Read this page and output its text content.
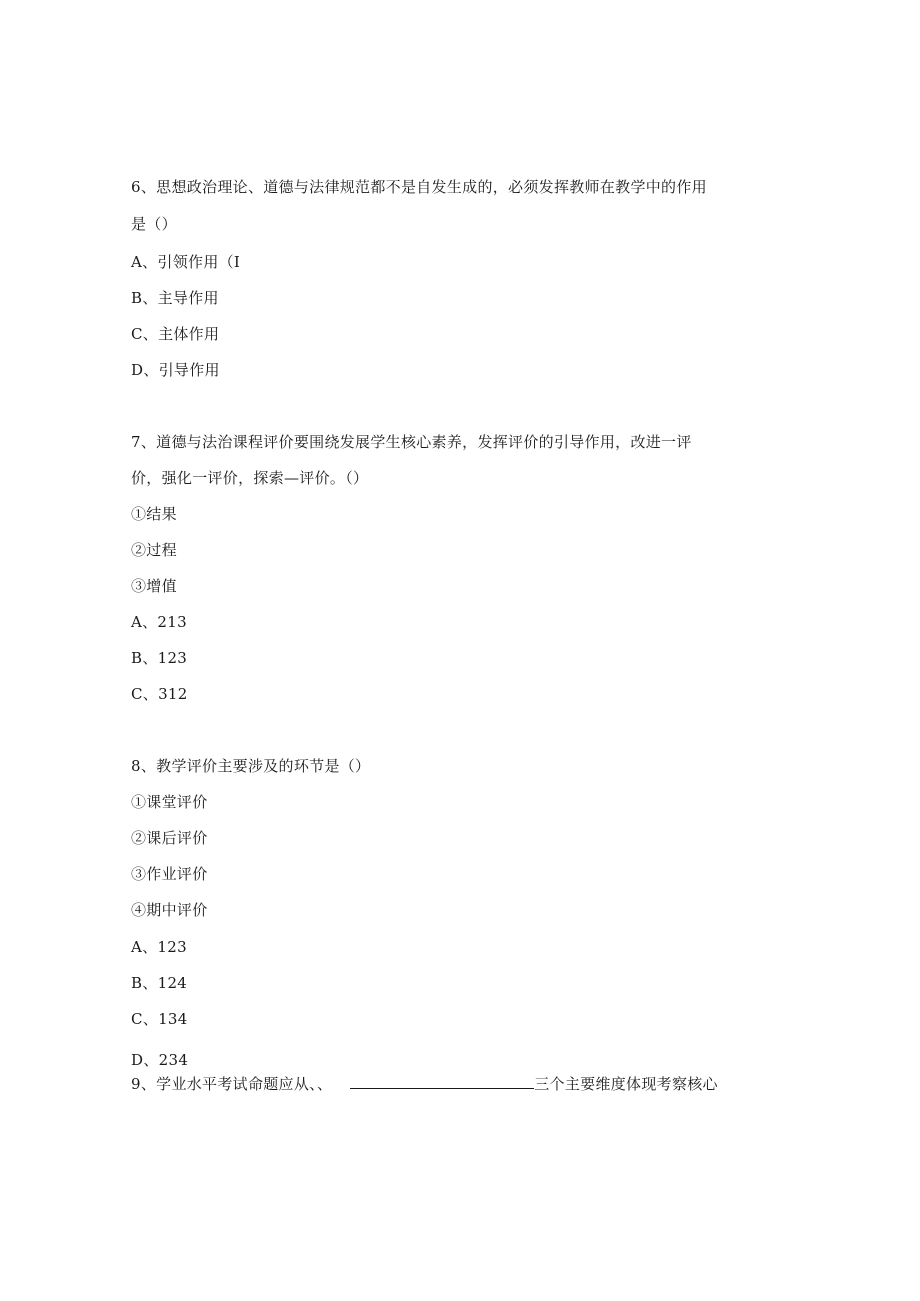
6、思想政治理论、道德与法律规范都不是自发生成的，必须发挥教师在教学中的作用
是（）
A、引领作用（I
B、主导作用
C、主体作用
D、引导作用
7、道德与法治课程评价要围绕发展学生核心素养，发挥评价的引导作用，改进一评
价，强化一评价，探索—评价。（）
①结果
②过程
③增值
A、213
B、123
C、312
8、教学评价主要涉及的环节是（）
①课堂评价
②课后评价
③作业评价
④期中评价
A、123
B、124
C、134
D、234
9、学业水平考试命题应从、、	三个主要维度体现考察核心
